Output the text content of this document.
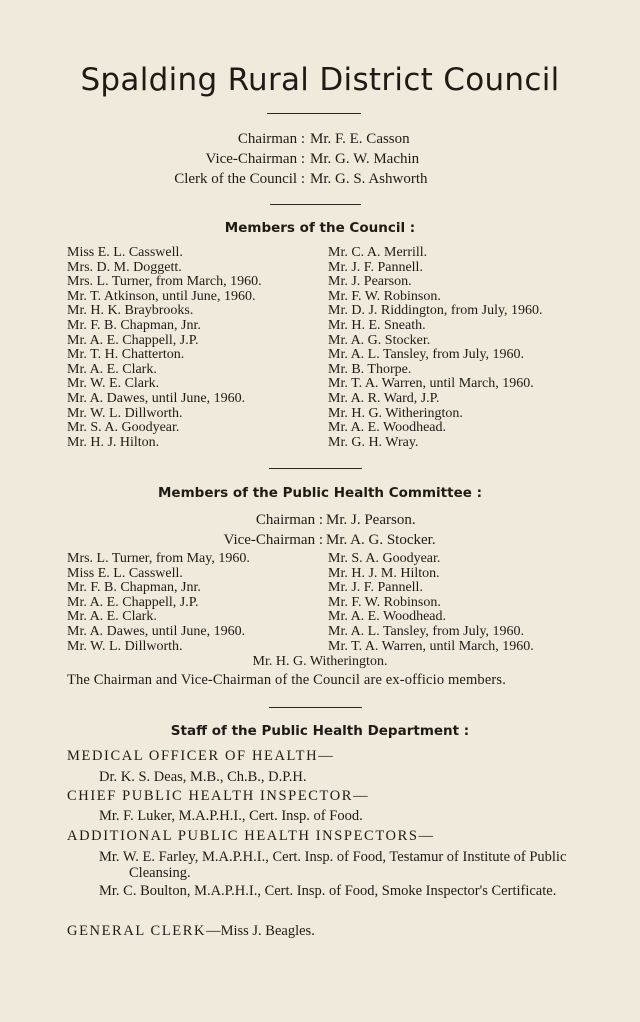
Spalding Rural District Council
Chairman : Mr. F. E. Casson
Vice-Chairman : Mr. G. W. Machin
Clerk of the Council : Mr. G. S. Ashworth
Members of the Council :
Miss E. L. Casswell.
Mrs. D. M. Doggett.
Mrs. L. Turner, from March, 1960.
Mr. T. Atkinson, until June, 1960.
Mr. H. K. Braybrooks.
Mr. F. B. Chapman, Jnr.
Mr. A. E. Chappell, J.P.
Mr. T. H. Chatterton.
Mr. A. E. Clark.
Mr. W. E. Clark.
Mr. A. Dawes, until June, 1960.
Mr. W. L. Dillworth.
Mr. S. A. Goodyear.
Mr. H. J. Hilton.
Mr. C. A. Merrill.
Mr. J. F. Pannell.
Mr. J. Pearson.
Mr. F. W. Robinson.
Mr. D. J. Riddington, from July, 1960.
Mr. H. E. Sneath.
Mr. A. G. Stocker.
Mr. A. L. Tansley, from July, 1960.
Mr. B. Thorpe.
Mr. T. A. Warren, until March, 1960.
Mr. A. R. Ward, J.P.
Mr. H. G. Witherington.
Mr. A. E. Woodhead.
Mr. G. H. Wray.
Members of the Public Health Committee :
Chairman : Mr. J. Pearson.
Vice-Chairman : Mr. A. G. Stocker.
Mrs. L. Turner, from May, 1960.
Miss E. L. Casswell.
Mr. F. B. Chapman, Jnr.
Mr. A. E. Chappell, J.P.
Mr. A. E. Clark.
Mr. A. Dawes, until June, 1960.
Mr. W. L. Dillworth.
Mr. S. A. Goodyear.
Mr. H. J. M. Hilton.
Mr. J. F. Pannell.
Mr. F. W. Robinson.
Mr. A. E. Woodhead.
Mr. A. L. Tansley, from July, 1960.
Mr. T. A. Warren, until March, 1960.
Mr. H. G. Witherington.
The Chairman and Vice-Chairman of the Council are ex-officio members.
Staff of the Public Health Department :
MEDICAL OFFICER OF HEALTH—
Dr. K. S. Deas, M.B., Ch.B., D.P.H.
CHIEF PUBLIC HEALTH INSPECTOR—
Mr. F. Luker, M.A.P.H.I., Cert. Insp. of Food.
ADDITIONAL PUBLIC HEALTH INSPECTORS—
Mr. W. E. Farley, M.A.P.H.I., Cert. Insp. of Food, Testamur of Institute of Public Cleansing.
Mr. C. Boulton, M.A.P.H.I., Cert. Insp. of Food, Smoke Inspector's Certificate.
GENERAL CLERK—Miss J. Beagles.
